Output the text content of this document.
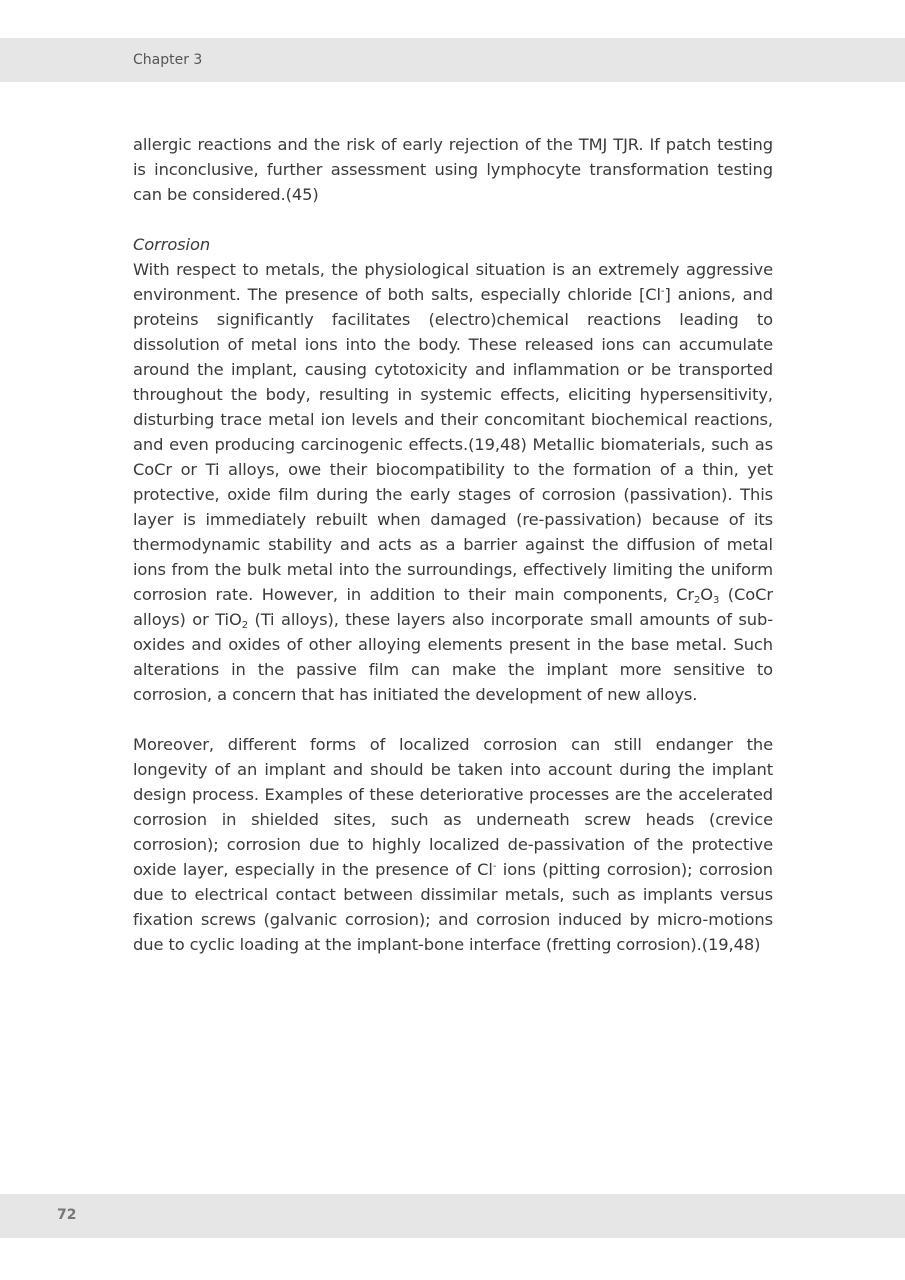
Chapter 3

allergic reactions and the risk of early rejection of the TMJ TJR. If patch testing is inconclusive, further assessment using lymphocyte transformation testing can be considered.(45)

Corrosion

With respect to metals, the physiological situation is an extremely aggressive environment. The presence of both salts, especially chloride [Cl-] anions, and proteins significantly facilitates (electro)chemical reactions leading to dissolution of metal ions into the body. These released ions can accumulate around the implant, causing cytotoxicity and inflammation or be transported throughout the body, resulting in systemic effects, eliciting hypersensitivity, disturbing trace metal ion levels and their concomitant biochemical reactions, and even producing carcinogenic effects.(19,48) Metallic biomaterials, such as CoCr or Ti alloys, owe their biocompatibility to the formation of a thin, yet protective, oxide film during the early stages of corrosion (passivation). This layer is immediately rebuilt when damaged (re-passivation) because of its thermodynamic stability and acts as a barrier against the diffusion of metal ions from the bulk metal into the surroundings, effectively limiting the uniform corrosion rate. However, in addition to their main components, $Cr_2O_3$ (CoCr alloys) or TiO$_2$ (Ti alloys), these layers also incorporate small amounts of sub-oxides and oxides of other alloying elements present in the base metal. Such alterations in the passive film can make the implant more sensitive to corrosion, a concern that has initiated the development of new alloys.

Moreover, different forms of localized corrosion can still endanger the longevity of an implant and should be taken into account during the implant design process. Examples of these deteriorative processes are the accelerated corrosion in shielded sites, such as underneath screw heads (crevice corrosion); corrosion due to highly localized de-passivation of the protective oxide layer, especially in the presence of Cl- ions (pitting corrosion); corrosion due to electrical contact between dissimilar metals, such as implants versus fixation screws (galvanic corrosion); and corrosion induced by micro-motions due to cyclic loading at the implant-bone interface (fretting corrosion).(19,48)

72
